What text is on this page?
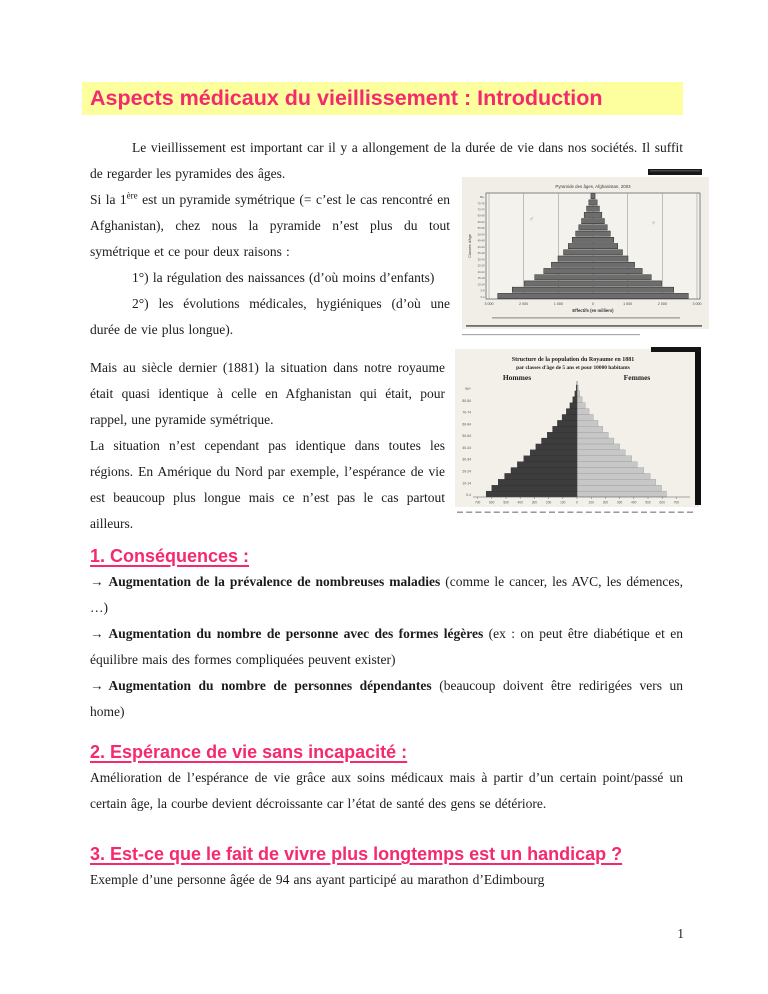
Aspects médicaux du vieillissement : Introduction

Le vieillissement est important car il y a allongement de la durée de vie dans nos sociétés. Il suffit de regarder les pyramides des âges.

Pyramide des âges, Afghanistan, 2003
3 000	2 000	1 000	0	1 000	2 000	3 000
0-4
5-9
10-14
15-19
20-24
25-29
30-34
35-39
40-44
45-49
50-54
55-59
60-64
65-69
70-74
75-79
80+
Effectifs (en milliers)
Classes d'âge
♂	♀

Si la 1ère est un pyramide symétrique (= c’est le cas rencontré en Afghanistan), chez nous la pyramide n’est plus du tout symétrique et ce pour deux raisons :

1°) la régulation des naissances (d’où moins d’enfants)

2°) les évolutions médicales, hygiéniques (d’où une durée de vie plus longue).

Structure de la population du Royaume en 1881
par classes d'âge de 5 ans et pour 10000 habitants
Hommes	Femmes
90+
80-84
70-74
60-64
50-54
40-44
30-34
20-24
10-14
0-4
700	600	500	400	300	200	100	0	100	200	300	400	500	600	700

Mais au siècle dernier (1881) la situation dans notre royaume était quasi identique à celle en Afghanistan qui était, pour rappel, une pyramide symétrique.

La situation n’est cependant pas identique dans toutes les régions. En Amérique du Nord par exemple, l’espérance de vie est beaucoup plus longue mais ce n’est pas le cas partout ailleurs.

1. Conséquences :

→ Augmentation de la prévalence de nombreuses maladies (comme le cancer, les AVC, les démences, …)

→ Augmentation du nombre de personne avec des formes légères (ex : on peut être diabétique et en équilibre mais des formes compliquées peuvent exister)

→ Augmentation du nombre de personnes dépendantes (beaucoup doivent être redirigées vers un home)

2. Espérance de vie sans incapacité :

Amélioration de l’espérance de vie grâce aux soins médicaux mais à partir d’un certain point/passé un certain âge, la courbe devient décroissante car l’état de santé des gens se détériore.

3. Est-ce que le fait de vivre plus longtemps est un handicap ?

Exemple d’une personne âgée de 94 ans ayant participé au marathon d’Edimbourg

1
